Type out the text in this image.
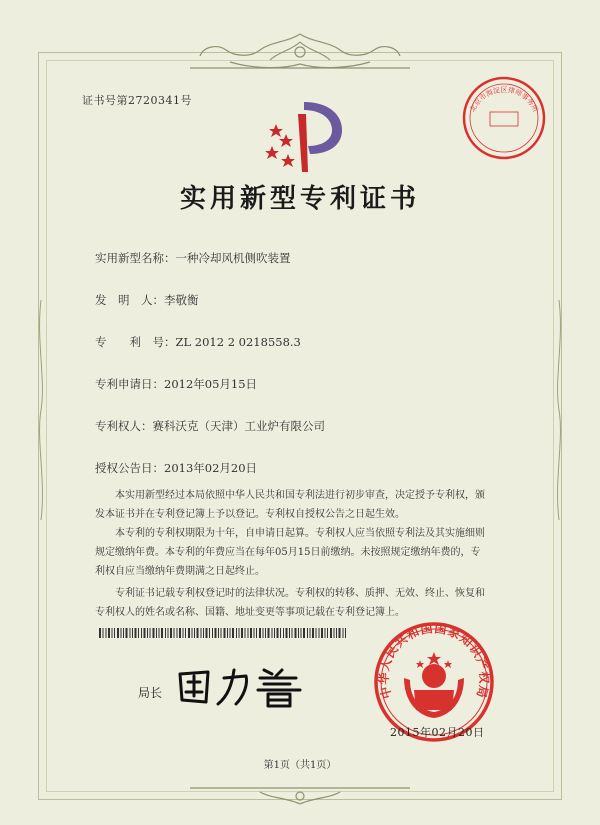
证书号第2720341号
实用新型专利证书
实用新型名称：一种冷却风机侧吹装置
发　明　人：李敬衡
专　　利　号：ZL 2012 2 0218558.3
专利申请日：2012年05月15日
专利权人：赛科沃克（天津）工业炉有限公司
授权公告日：2013年02月20日
本实用新型经过本局依照中华人民共和国专利法进行初步审查，决定授予专利权，颁
发本证书并在专利登记簿上予以登记。专利权自授权公告之日起生效。
本专利的专利权期限为十年，自申请日起算。专利权人应当依照专利法及其实施细则
规定缴纳年费。本专利的年费应当在每年05月15日前缴纳。未按照规定缴纳年费的，专
利权自应当缴纳年费期满之日起终止。
专利证书记载专利权登记时的法律状况。专利权的转移、质押、无效、终止、恢复和
专利权人的姓名或名称、国籍、地址变更等事项记载在专利登记簿上。
局长	中华人民共和国国家知识产权局
2015年02月20日
北京市海淀区律师事务所
第1页（共1页）
